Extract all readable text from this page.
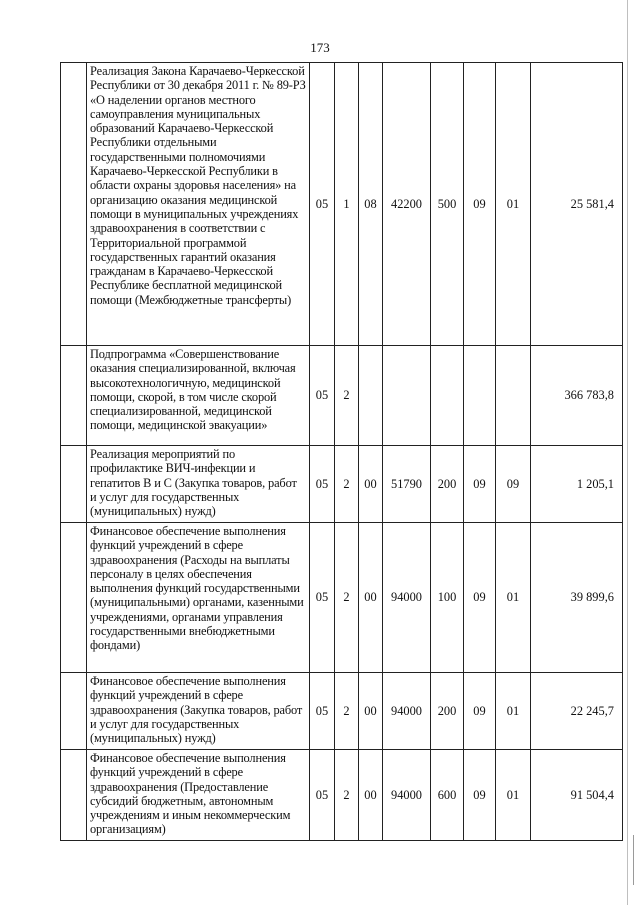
173
	Реализация Закона Карачаево-Черкесской Республики от 30 декабря 2011 г. № 89-РЗ «О наделении органов местного самоуправления муниципальных образований Карачаево-Черкесской Республики отдельными государственными полномочиями Карачаево-Черкесской Республики в области охраны здоровья населения» на организацию оказания медицинской помощи в муниципальных учреждениях здравоохранения в соответствии с Территориальной программой государственных гарантий оказания гражданам в Карачаево-Черкесской Республике бесплатной медицинской помощи (Межбюджетные трансферты)	05	1	08	42200	500	09	01	25 581,4
	Подпрограмма «Совершенствование оказания специализированной, включая высокотехнологичную, медицинской помощи, скорой, в том числе скорой специализированной, медицинской помощи, медицинской эвакуации»	05	2						366 783,8
	Реализация мероприятий по профилактике ВИЧ-инфекции и гепатитов В и С (Закупка товаров, работ и услуг для государственных (муниципальных) нужд)	05	2	00	51790	200	09	09	1 205,1
	Финансовое обеспечение выполнения функций учреждений в сфере здравоохранения (Расходы на выплаты персоналу в целях обеспечения выполнения функций государственными (муниципальными) органами, казенными учреждениями, органами управления государственными внебюджетными фондами)	05	2	00	94000	100	09	01	39 899,6
	Финансовое обеспечение выполнения функций учреждений в сфере здравоохранения (Закупка товаров, работ и услуг для государственных (муниципальных) нужд)	05	2	00	94000	200	09	01	22 245,7
	Финансовое обеспечение выполнения функций учреждений в сфере здравоохранения (Предоставление субсидий бюджетным, автономным учреждениям и иным некоммерческим организациям)	05	2	00	94000	600	09	01	91 504,4
